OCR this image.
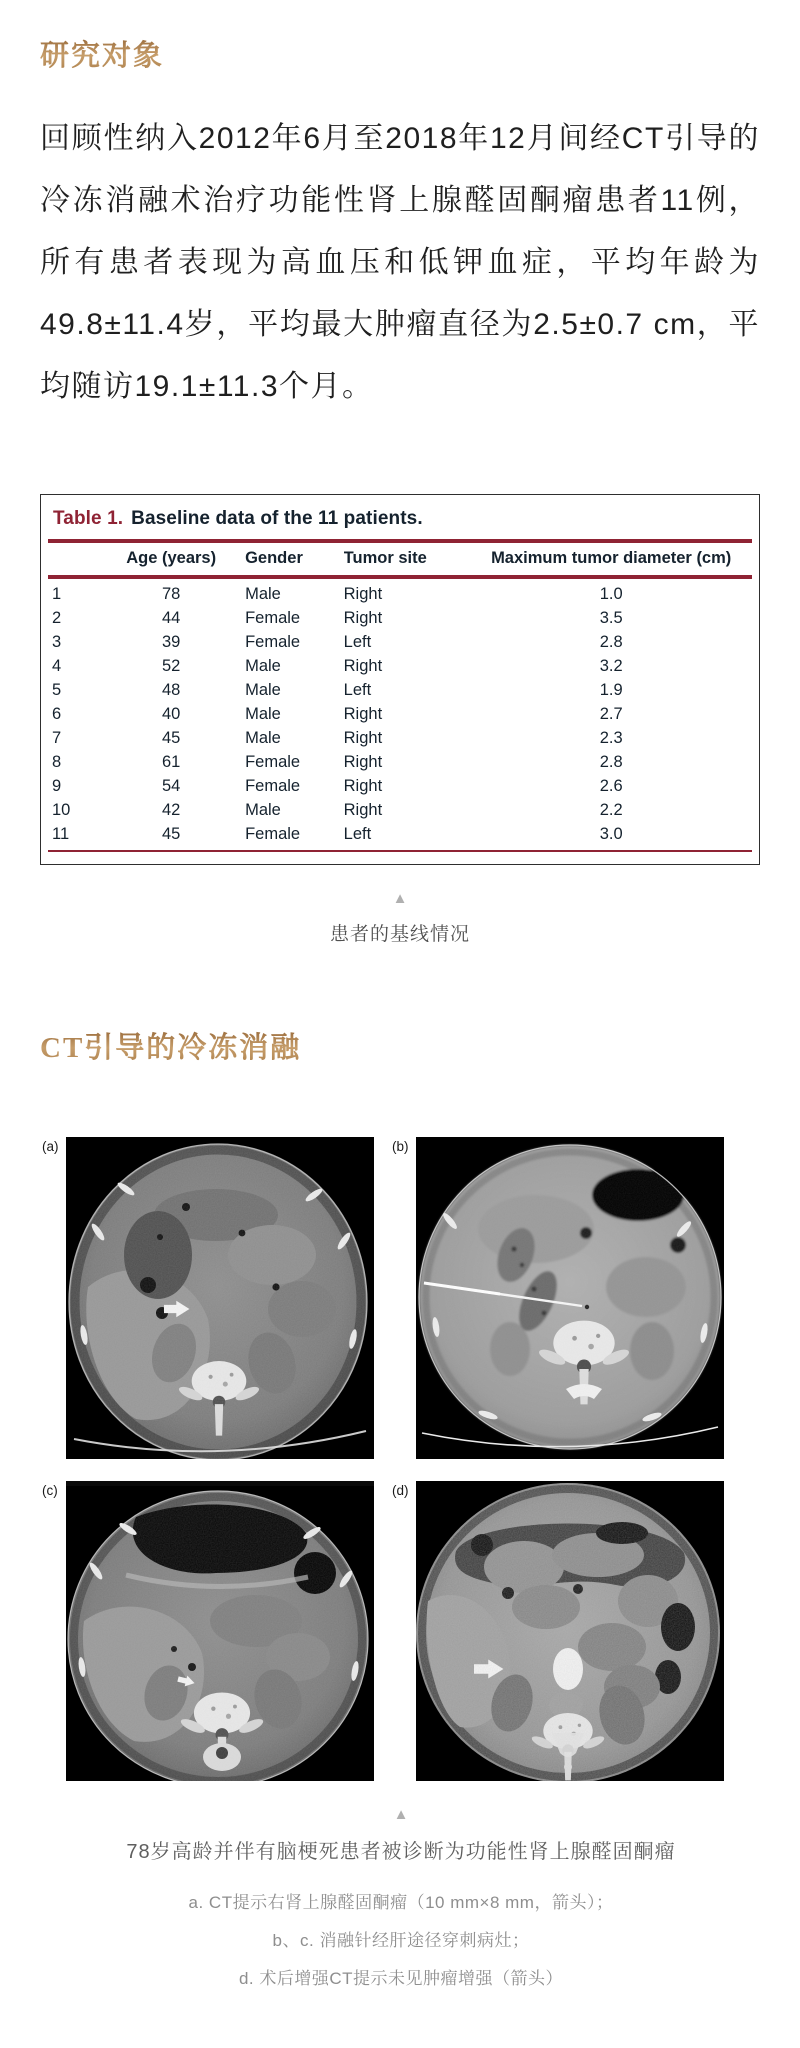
研究对象

回顾性纳入2012年6月至2018年12月间经CT引导的冷冻消融术治疗功能性肾上腺醛固酮瘤患者11例，所有患者表现为高血压和低钾血症，平均年龄为49.8±11.4岁，平均最大肿瘤直径为2.5±0.7 cm，平均随访19.1±11.3个月。

Table 1. Baseline data of the 11 patients.
	Age (years)	Gender	Tumor site	Maximum tumor diameter (cm)
1	78	Male	Right	1.0
2	44	Female	Right	3.5
3	39	Female	Left	2.8
4	52	Male	Right	3.2
5	48	Male	Left	1.9
6	40	Male	Right	2.7
7	45	Male	Right	2.3
8	61	Female	Right	2.8
9	54	Female	Right	2.6
10	42	Male	Right	2.2
11	45	Female	Left	3.0
▲
患者的基线情况
CT引导的冷冻消融
(a)	(b)
(c)	(d)
▲
78岁高龄并伴有脑梗死患者被诊断为功能性肾上腺醛固酮瘤
a. CT提示右肾上腺醛固酮瘤（10 mm×8 mm，箭头）；
b、c. 消融针经肝途径穿刺病灶；
d. 术后增强CT提示未见肿瘤增强（箭头）
